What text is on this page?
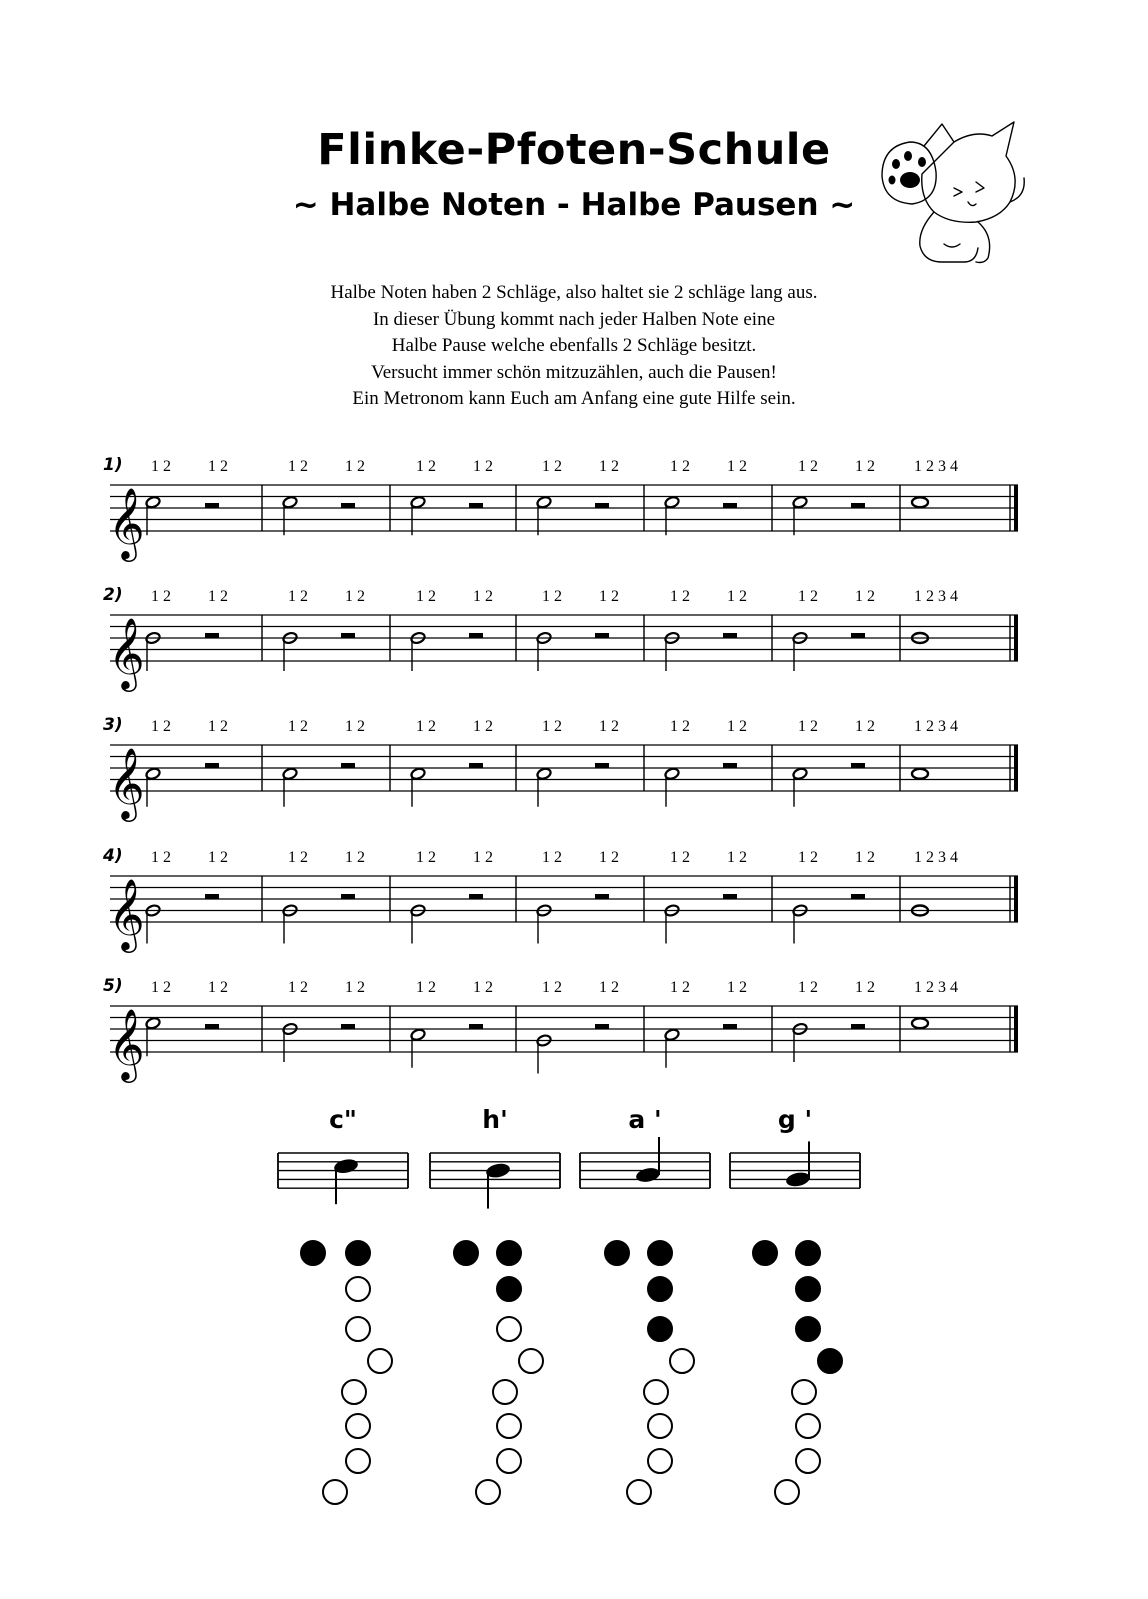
Flinke-Pfoten-Schule
~ Halbe Noten - Halbe Pausen ~
Halbe Noten haben 2 Schläge, also haltet sie 2 schläge lang aus.
In dieser Übung kommt nach jeder Halben Note eine
Halbe Pause welche ebenfalls 2 Schläge besitzt.
Versucht immer schön mitzuzählen, auch die Pausen!
Ein Metronom kann Euch am Anfang eine gute Hilfe sein.
𝄞
1) 1 2 1 2	1 2 1 2	1 2 1 2	1 2 1 2	1 2 1 2	1 2 1 2 1 2 3 4
𝄞
2) 1 2 1 2	1 2 1 2	1 2 1 2	1 2 1 2	1 2 1 2	1 2 1 2 1 2 3 4
𝄞
3) 1 2 1 2	1 2 1 2	1 2 1 2	1 2 1 2	1 2 1 2	1 2 1 2 1 2 3 4
𝄞
4) 1 2 1 2	1 2 1 2	1 2 1 2	1 2 1 2	1 2 1 2	1 2 1 2 1 2 3 4
𝄞
5) 1 2 1 2	1 2 1 2	1 2 1 2	1 2 1 2	1 2 1 2	1 2 1 2 1 2 3 4
c"	h'	a '	g '
